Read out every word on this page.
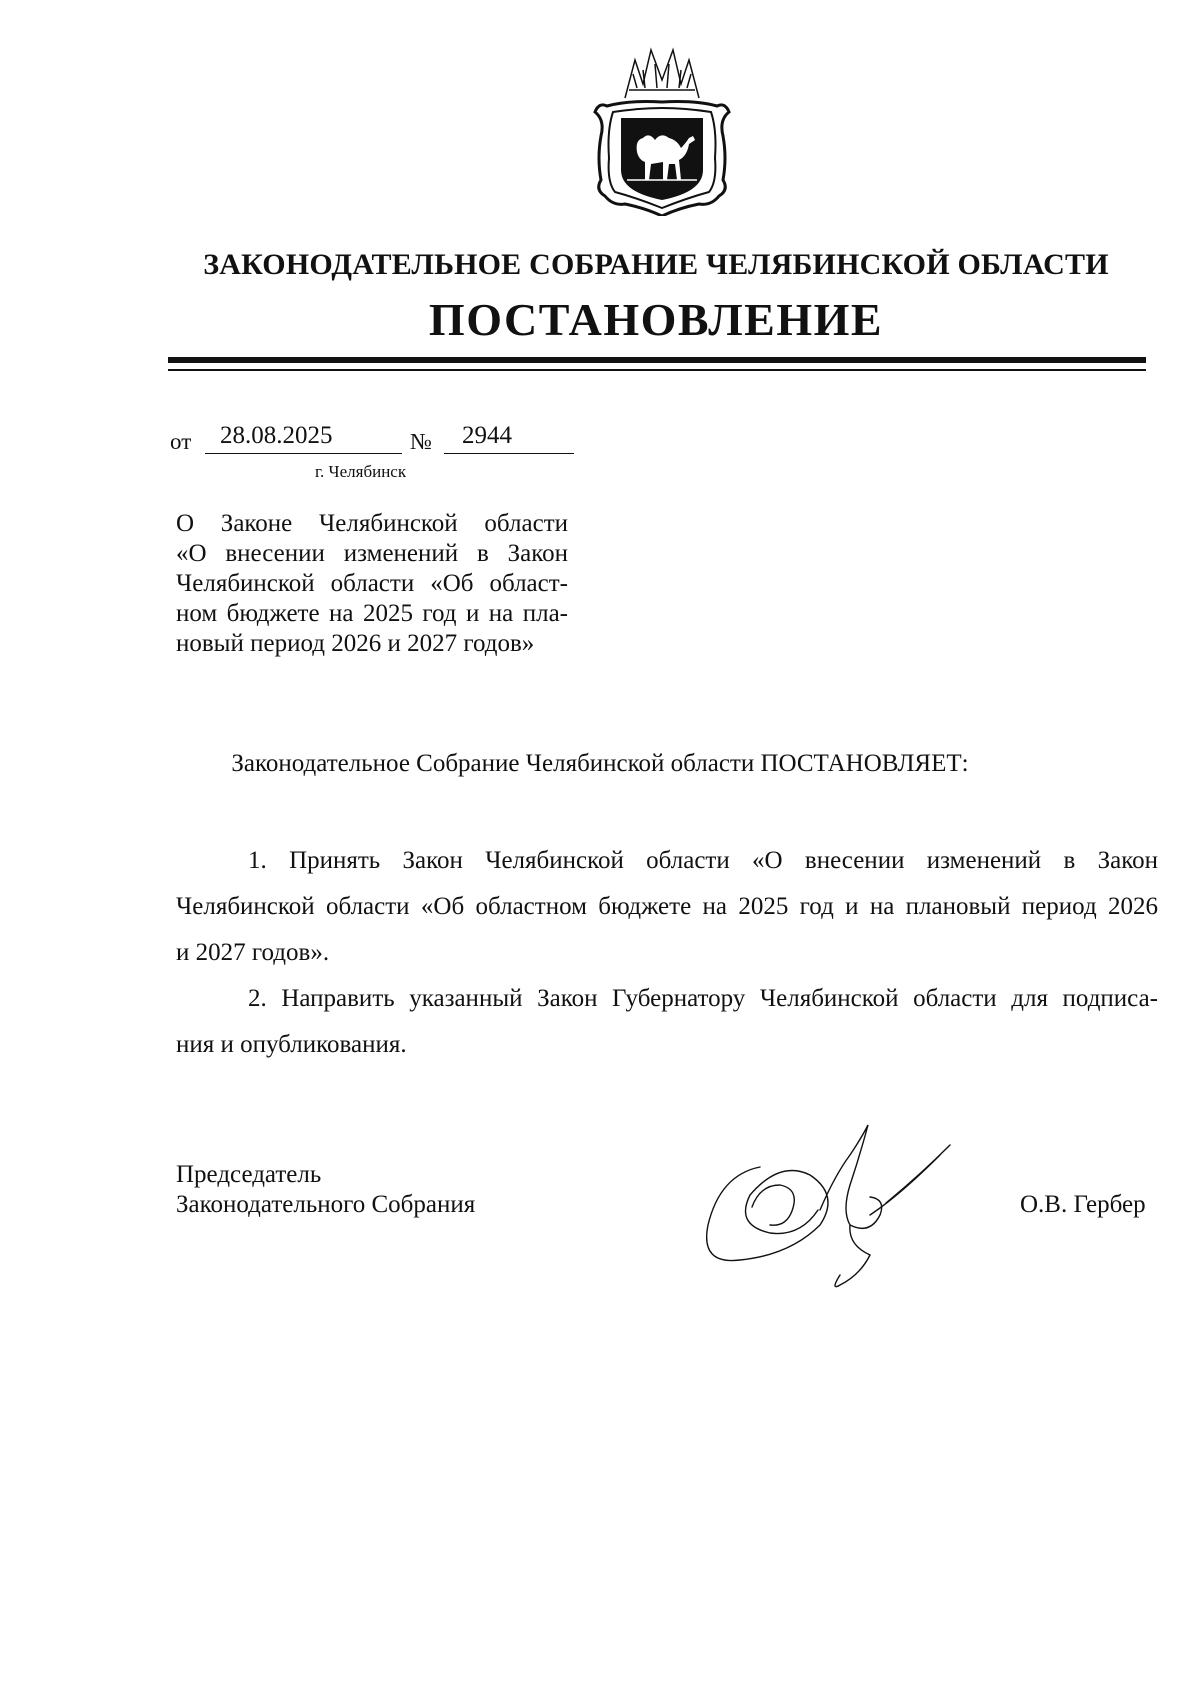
ЗАКОНОДАТЕЛЬНОЕ СОБРАНИЕ ЧЕЛЯБИНСКОЙ ОБЛАСТИ
ПОСТАНОВЛЕНИЕ
от 28.08.2025	№ 2944
г. Челябинск
О Законе Челябинской области
«О внесении изменений в Закон
Челябинской области «Об област-
ном бюджете на 2025 год и на пла-
новый период 2026 и 2027 годов»
Законодательное Собрание Челябинской области ПОСТАНОВЛЯЕТ:
1. Принять Закон Челябинской области «О внесении изменений в Закон
Челябинской области «Об областном бюджете на 2025 год и на плановый период 2026
и 2027 годов».
2. Направить указанный Закон Губернатору Челябинской области для подписа-
ния и опубликования.
Председатель
Законодательного Собрания	О.В. Гербер
